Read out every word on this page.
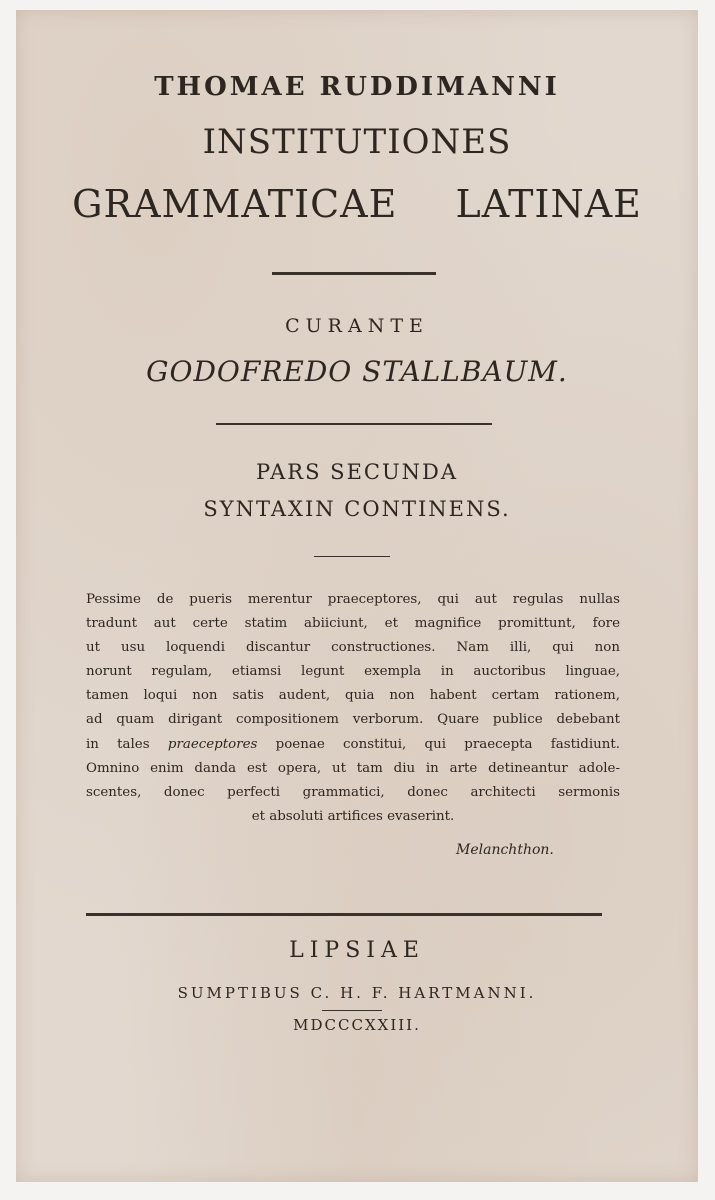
THOMAE RUDDIMANNI
INSTITUTIONES
GRAMMATICAE  LATINAE
CURANTE
GODOFREDO STALLBAUM.
PARS SECUNDA
SYNTAXIN CONTINENS.
Pessime de pueris merentur praeceptores, qui aut regulas nullas
tradunt aut certe statim abiiciunt, et magnifice promittunt, fore
ut usu loquendi discantur constructiones. Nam illi, qui non
norunt regulam, etiamsi legunt exempla in auctoribus linguae,
tamen loqui non satis audent, quia non habent certam rationem,
ad quam dirigant compositionem verborum. Quare publice debebant
in tales praeceptores poenae constitui, qui praecepta fastidiunt.
Omnino enim danda est opera, ut tam diu in arte detineantur adole-
scentes, donec perfecti grammatici, donec architecti sermonis
et absoluti artifices evaserint.
Melanchthon.
LIPSIAE
SUMPTIBUS C. H. F. HARTMANNI.
MDCCCXXIII.
